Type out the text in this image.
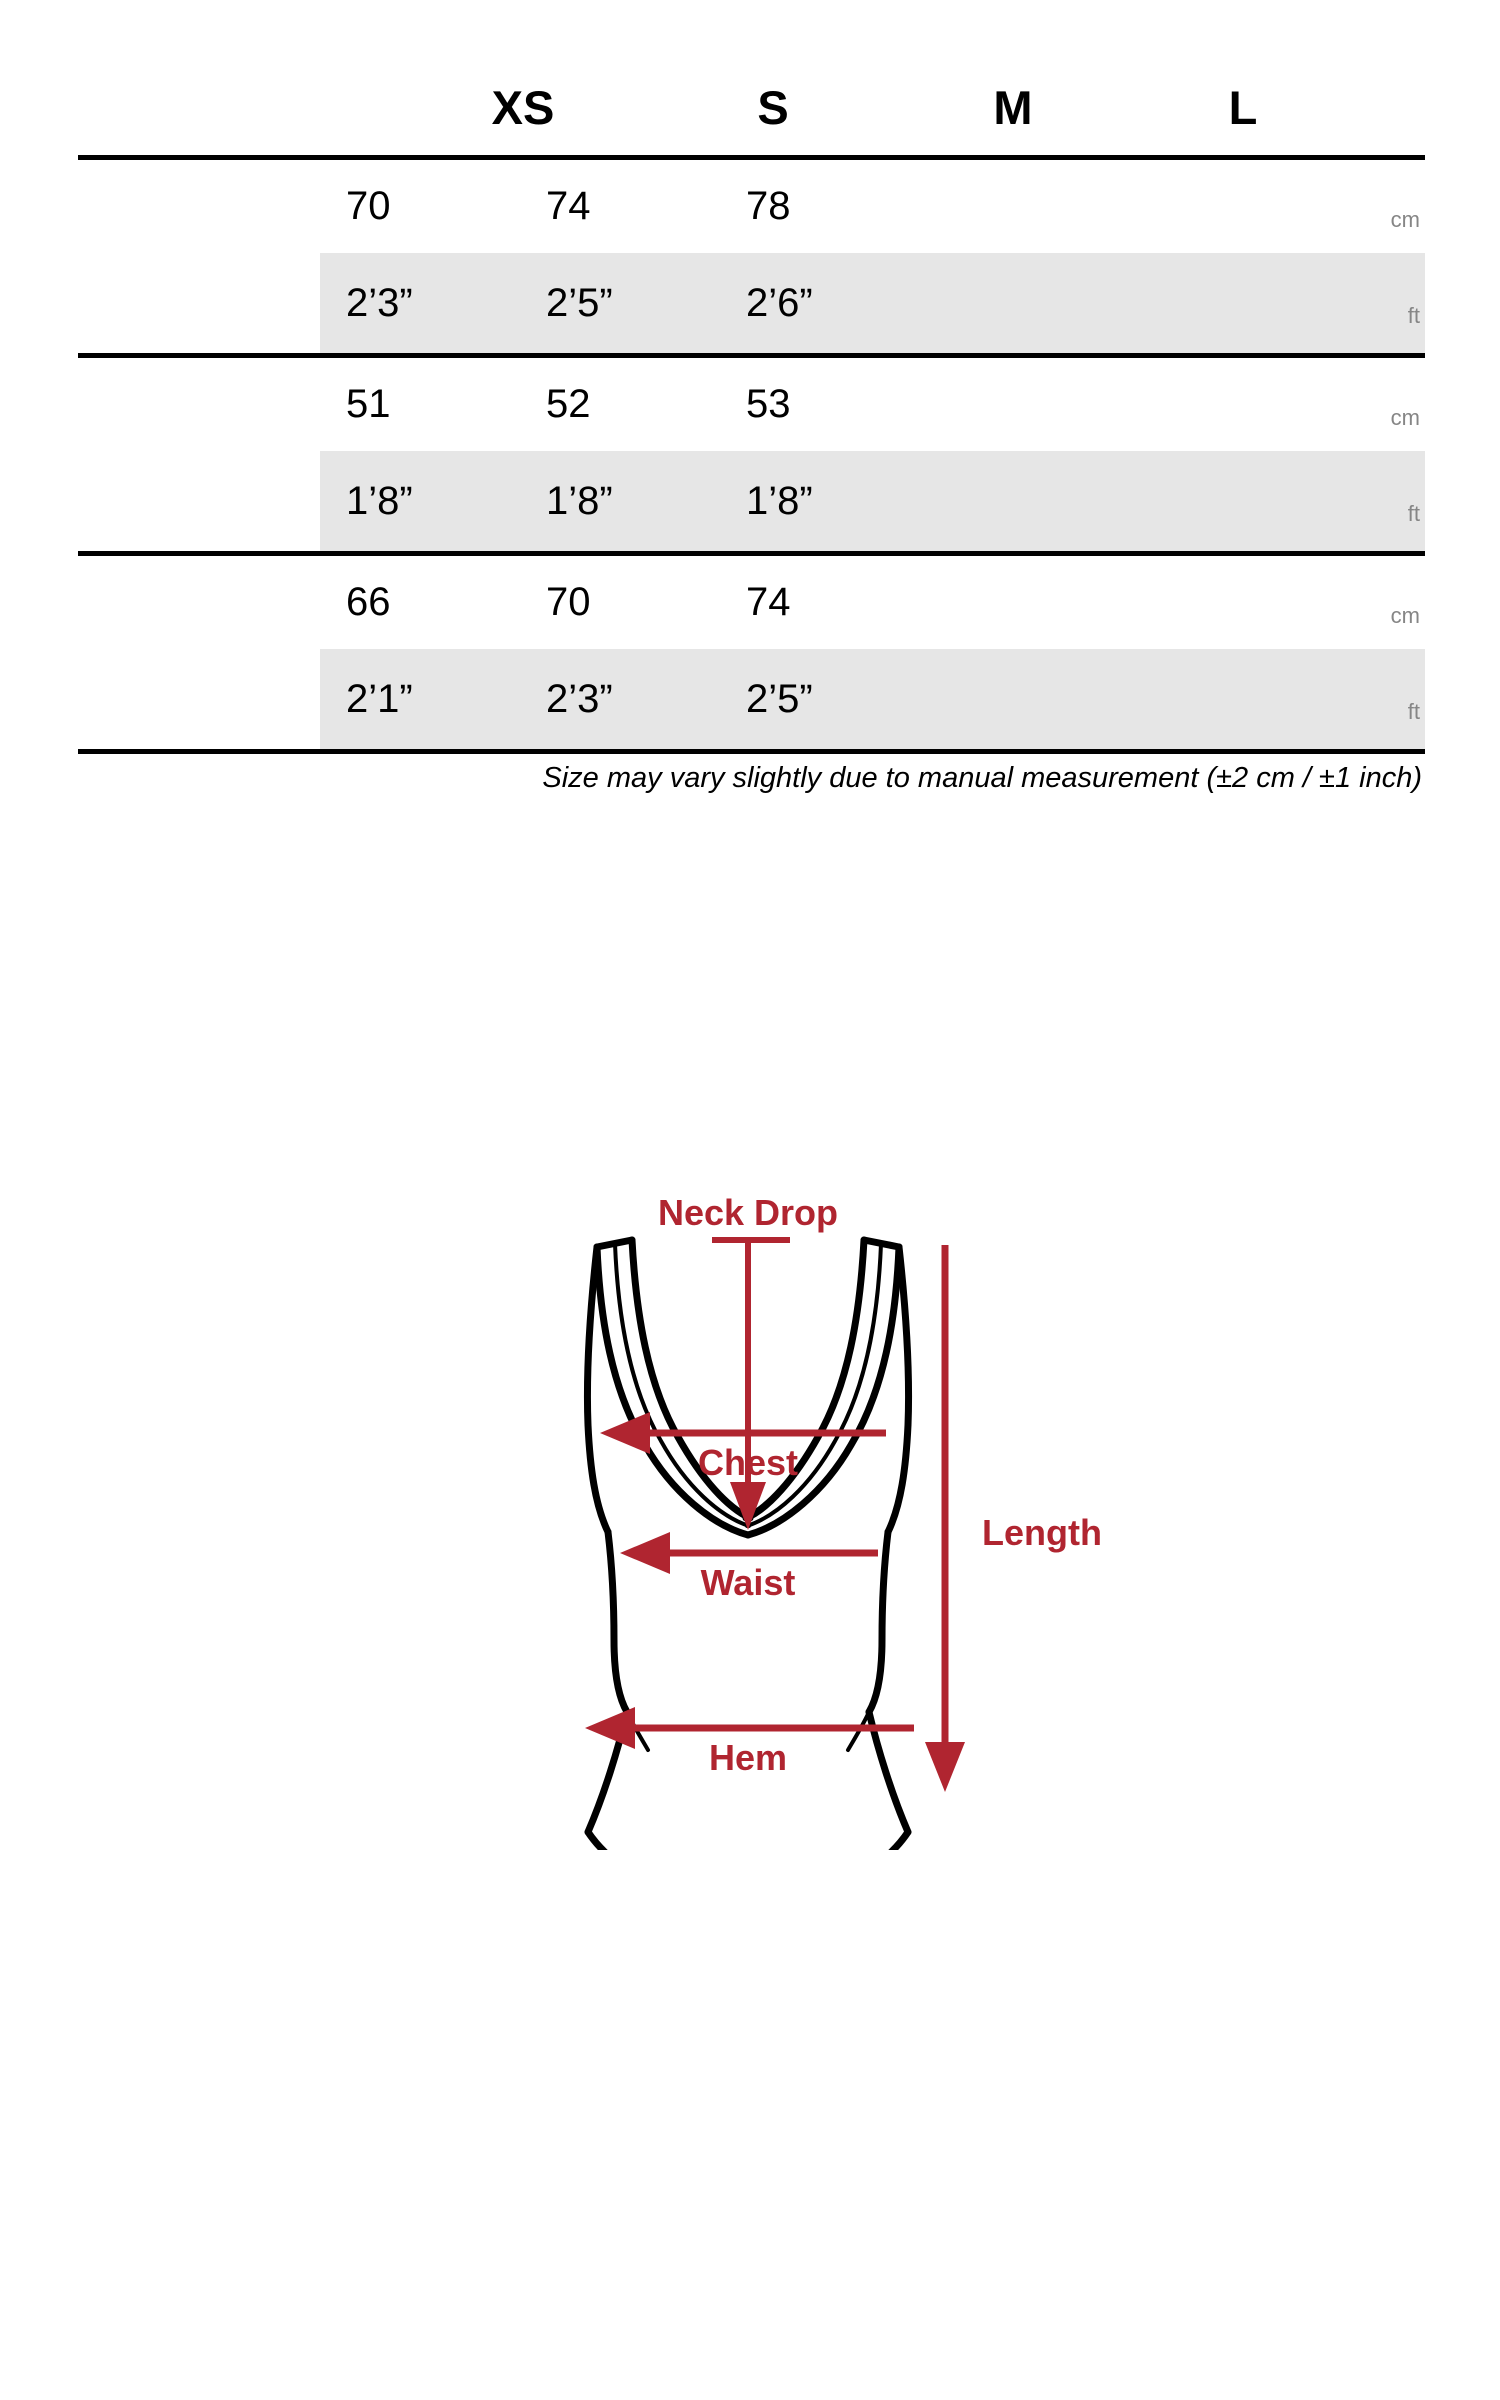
XS	S	M	L
70	74	78	cm
2’3”	2’5”	2’6”	ft
51	52	53	cm
1’8”	1’8”	1’8”	ft
66	70	74	cm
2’1”	2’3”	2’5”	ft
Size may vary slightly due to manual measurement (±2 cm / ±1 inch)
Neck Drop
Chest
Waist
Hem
Length
